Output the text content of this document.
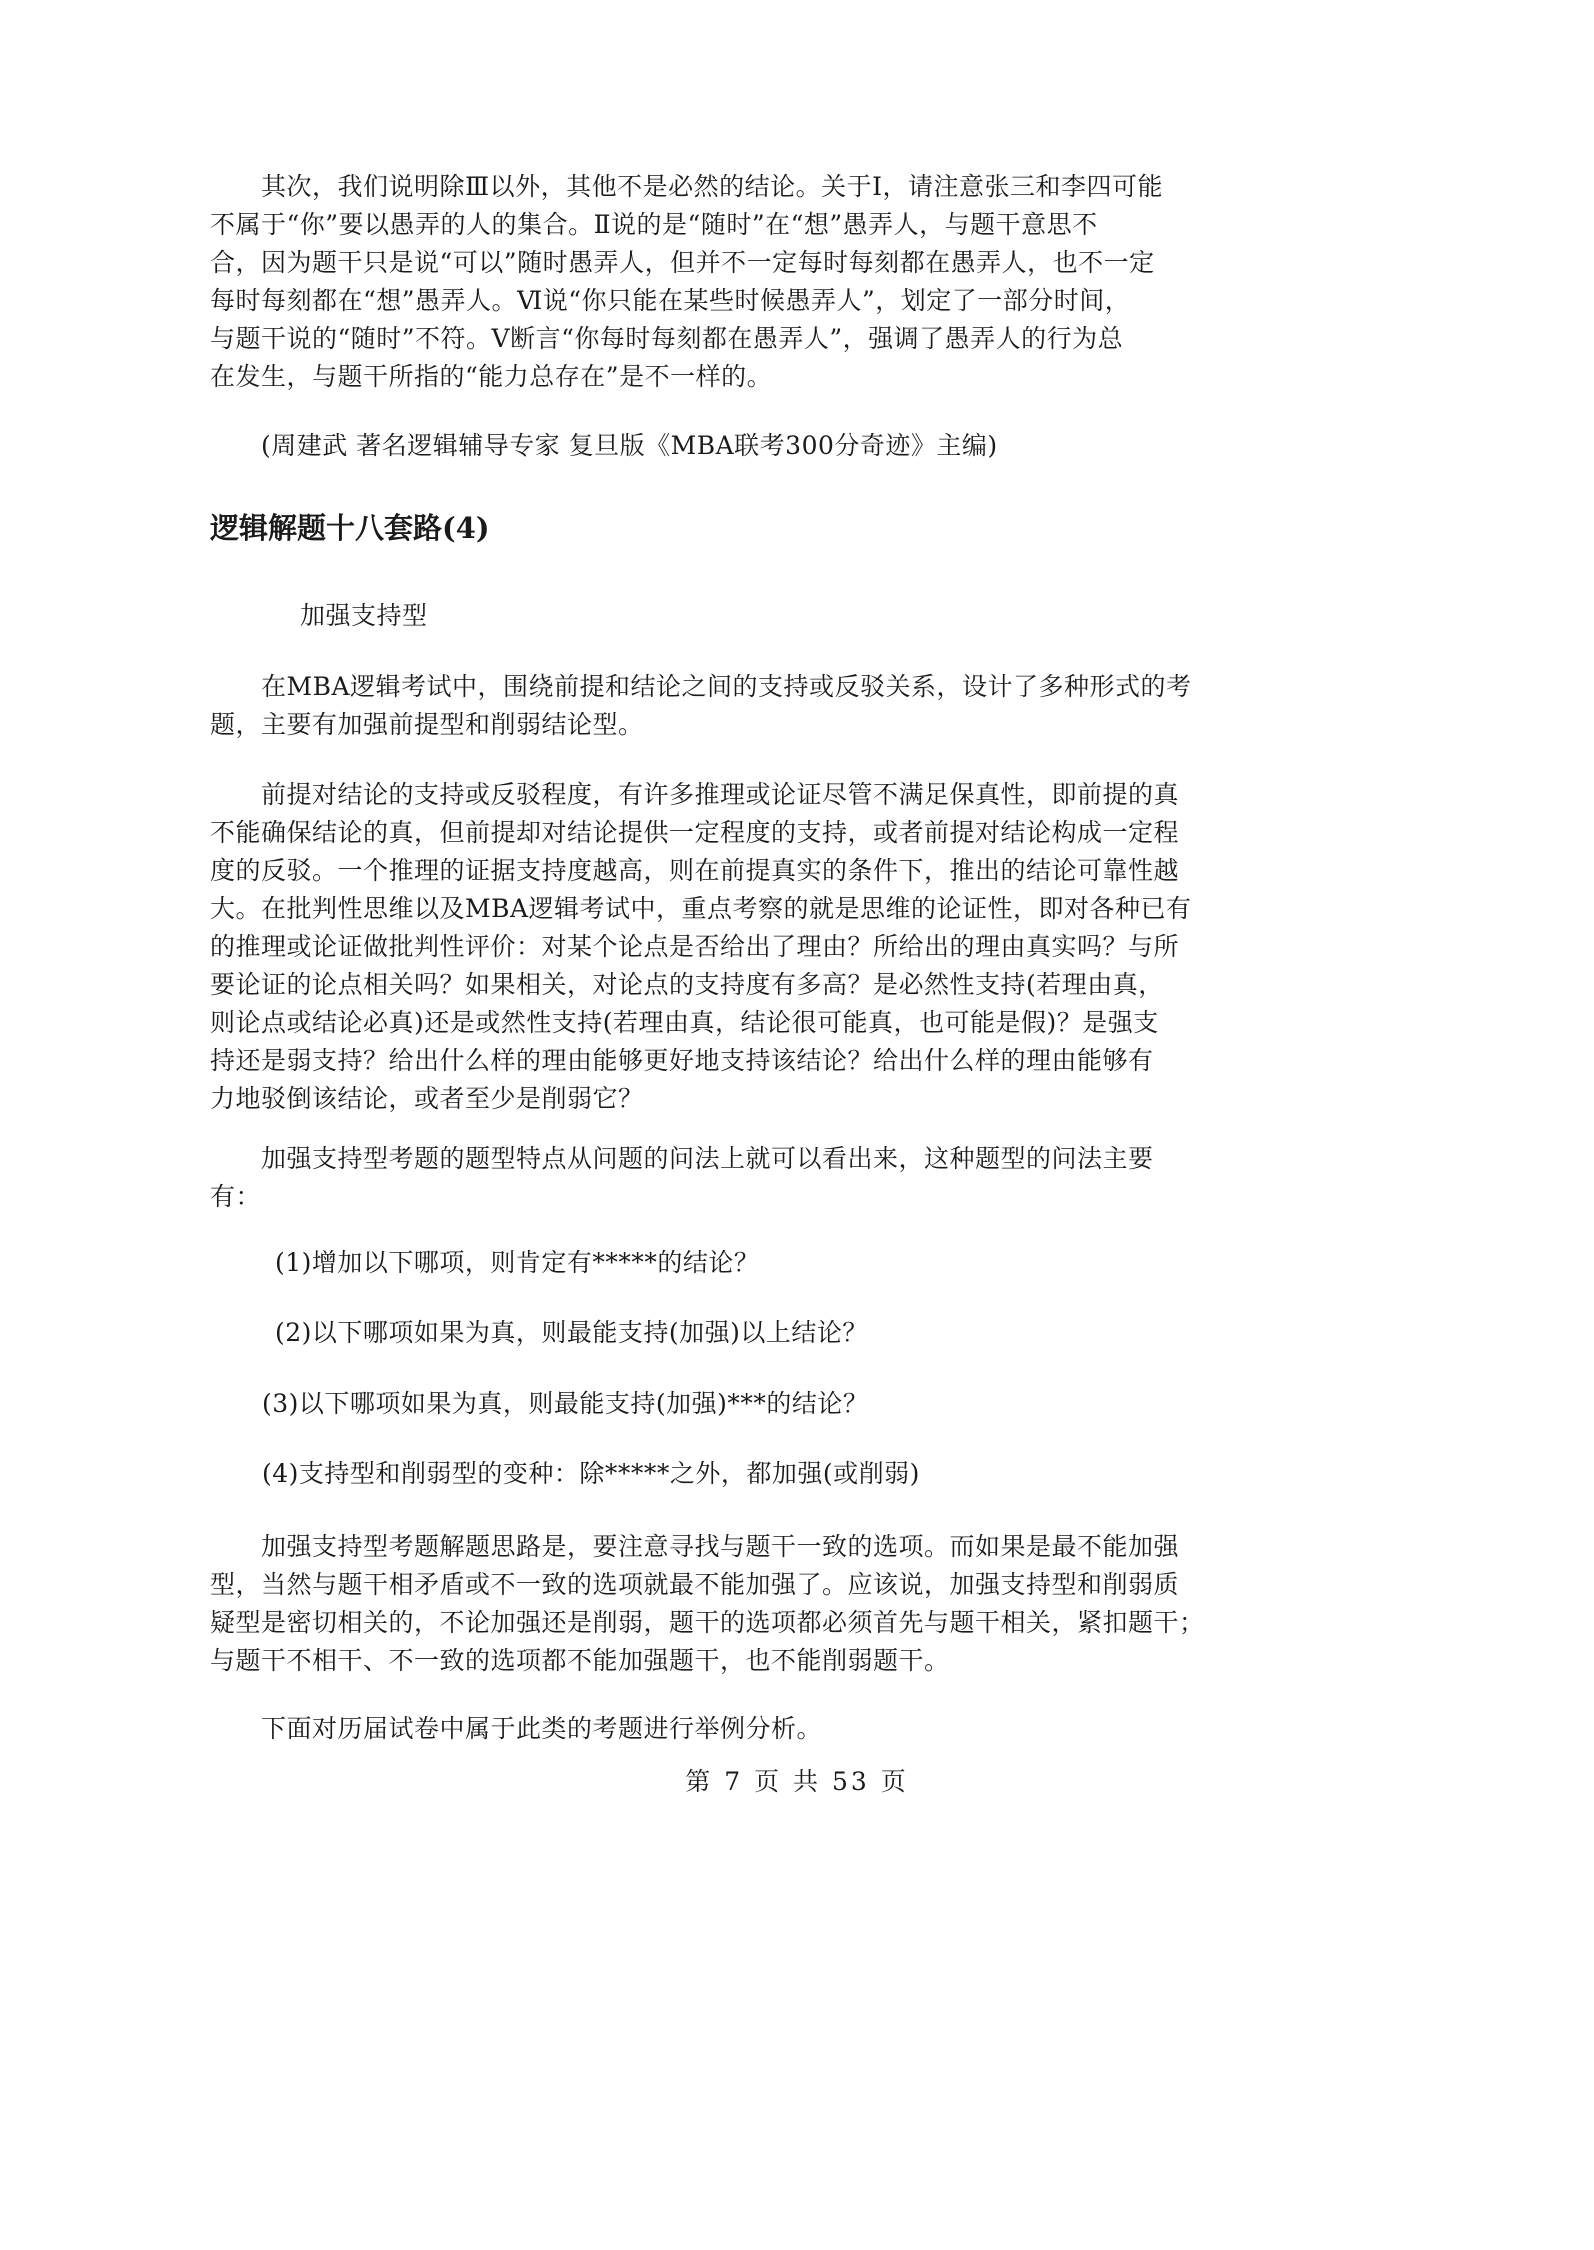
　　其次，我们说明除Ⅲ以外，其他不是必然的结论。关于Ⅰ，请注意张三和李四可能
不属于“你”要以愚弄的人的集合。Ⅱ说的是“随时”在“想”愚弄人，与题干意思不
合，因为题干只是说“可以”随时愚弄人，但并不一定每时每刻都在愚弄人，也不一定
每时每刻都在“想”愚弄人。Ⅵ说“你只能在某些时候愚弄人”，划定了一部分时间，
与题干说的“随时”不符。Ⅴ断言“你每时每刻都在愚弄人”，强调了愚弄人的行为总
在发生，与题干所指的“能力总存在”是不一样的。
　　(周建武 著名逻辑辅导专家 复旦版《MBA联考300分奇迹》主编)
逻辑解题十八套路(4)
加强支持型
　　在MBA逻辑考试中，围绕前提和结论之间的支持或反驳关系，设计了多种形式的考
题，主要有加强前提型和削弱结论型。
　　前提对结论的支持或反驳程度，有许多推理或论证尽管不满足保真性，即前提的真
不能确保结论的真，但前提却对结论提供一定程度的支持，或者前提对结论构成一定程
度的反驳。一个推理的证据支持度越高，则在前提真实的条件下，推出的结论可靠性越
大。在批判性思维以及MBA逻辑考试中，重点考察的就是思维的论证性，即对各种已有
的推理或论证做批判性评价：对某个论点是否给出了理由？所给出的理由真实吗？与所
要论证的论点相关吗？如果相关，对论点的支持度有多高？是必然性支持(若理由真，
则论点或结论必真)还是或然性支持(若理由真，结论很可能真，也可能是假)？是强支
持还是弱支持？给出什么样的理由能够更好地支持该结论？给出什么样的理由能够有
力地驳倒该结论，或者至少是削弱它？
　　加强支持型考题的题型特点从问题的问法上就可以看出来，这种题型的问法主要
有：
(1)增加以下哪项，则肯定有*****的结论？
(2)以下哪项如果为真，则最能支持(加强)以上结论？
(3)以下哪项如果为真，则最能支持(加强)***的结论？
(4)支持型和削弱型的变种：除*****之外，都加强(或削弱)
　　加强支持型考题解题思路是，要注意寻找与题干一致的选项。而如果是最不能加强
型，当然与题干相矛盾或不一致的选项就最不能加强了。应该说，加强支持型和削弱质
疑型是密切相关的，不论加强还是削弱，题干的选项都必须首先与题干相关，紧扣题干；
与题干不相干、不一致的选项都不能加强题干，也不能削弱题干。
　　下面对历届试卷中属于此类的考题进行举例分析。
第 7 页 共 53 页
